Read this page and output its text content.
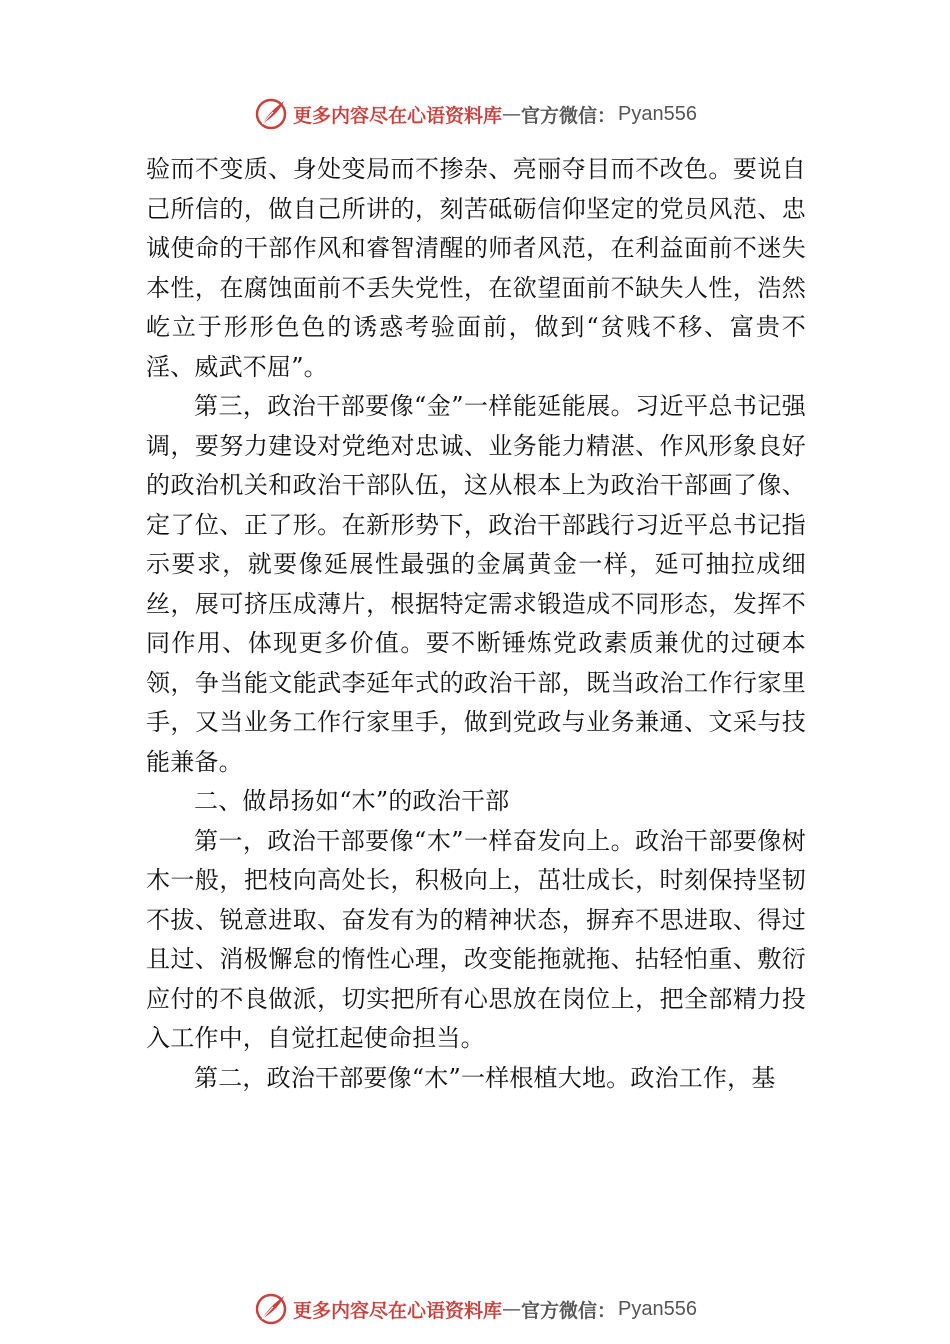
更多内容尽在心语资料库 — 官方微信： Pyan556

验而不变质、身处变局而不掺杂、亮丽夺目而不改色。要说自己所信的，做自己所讲的，刻苦砥砺信仰坚定的党员风范、忠诚使命的干部作风和睿智清醒的师者风范，在利益面前不迷失本性，在腐蚀面前不丢失党性，在欲望面前不缺失人性，浩然屹立于形形色色的诱惑考验面前，做到“贫贱不移、富贵不淫、威武不屈”。

第三，政治干部要像“金”一样能延能展。习近平总书记强调，要努力建设对党绝对忠诚、业务能力精湛、作风形象良好的政治机关和政治干部队伍，这从根本上为政治干部画了像、定了位、正了形。在新形势下，政治干部践行习近平总书记指示要求，就要像延展性最强的金属黄金一样，延可抽拉成细丝，展可挤压成薄片，根据特定需求锻造成不同形态，发挥不同作用、体现更多价值。要不断锤炼党政素质兼优的过硬本领，争当能文能武李延年式的政治干部，既当政治工作行家里手，又当业务工作行家里手，做到党政与业务兼通、文采与技能兼备。

二、做昂扬如“木”的政治干部

第一，政治干部要像“木”一样奋发向上。政治干部要像树木一般，把枝向高处长，积极向上，茁壮成长，时刻保持坚韧不拔、锐意进取、奋发有为的精神状态，摒弃不思进取、得过且过、消极懈怠的惰性心理，改变能拖就拖、拈轻怕重、敷衍应付的不良做派，切实把所有心思放在岗位上，把全部精力投入工作中，自觉扛起使命担当。

第二，政治干部要像“木”一样根植大地。政治工作，基

更多内容尽在心语资料库 — 官方微信： Pyan556
